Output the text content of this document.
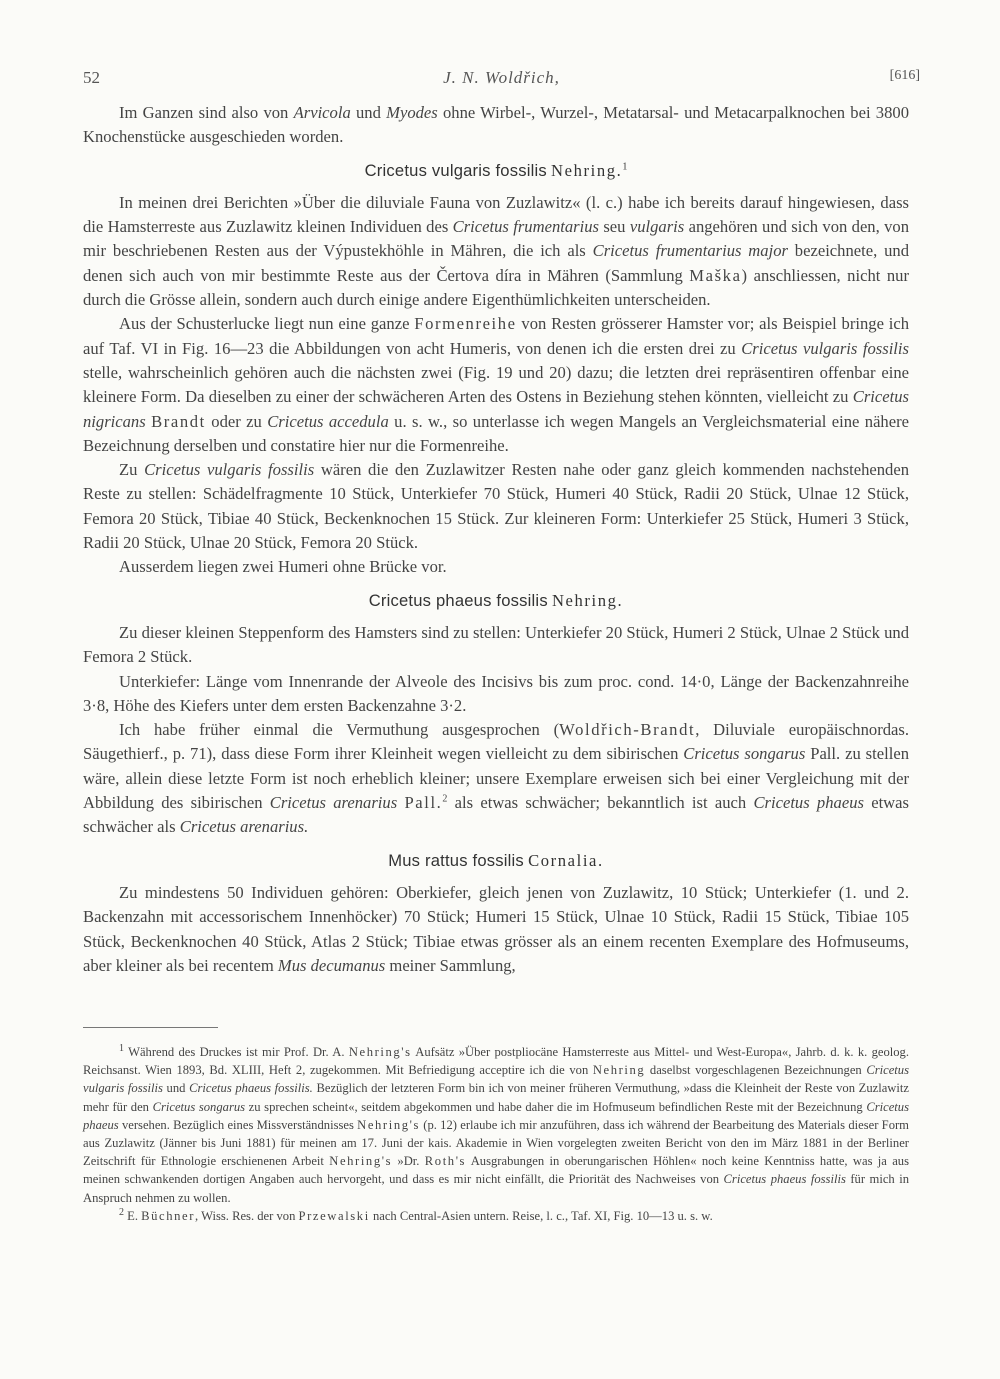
52	J. N. Woldřich,	[616]

Im Ganzen sind also von Arvicola und Myodes ohne Wirbel-, Wurzel-, Metatarsal- und Metacarpalknochen bei 3800 Knochenstücke ausgeschieden worden.

Cricetus vulgaris fossilis Nehring.$^1$

In meinen drei Berichten »Über die diluviale Fauna von Zuzlawitz« (l. c.) habe ich bereits darauf hingewiesen, dass die Hamsterreste aus Zuzlawitz kleinen Individuen des Cricetus frumentarius seu vulgaris angehören und sich von den, von mir beschriebenen Resten aus der Výpustekhöhle in Mähren, die ich als Cricetus frumentarius major bezeichnete, und denen sich auch von mir bestimmte Reste aus der Čertova díra in Mähren (Sammlung Maška) anschliessen, nicht nur durch die Grösse allein, sondern auch durch einige andere Eigenthümlichkeiten unterscheiden.

Aus der Schusterlucke liegt nun eine ganze Formenreihe von Resten grösserer Hamster vor; als Beispiel bringe ich auf Taf. VI in Fig. 16—23 die Abbildungen von acht Humeris, von denen ich die ersten drei zu Cricetus vulgaris fossilis stelle, wahrscheinlich gehören auch die nächsten zwei (Fig. 19 und 20) dazu; die letzten drei repräsentiren offenbar eine kleinere Form. Da dieselben zu einer der schwächeren Arten des Ostens in Beziehung stehen könnten, vielleicht zu Cricetus nigricans Brandt oder zu Cricetus accedula u. s. w., so unterlasse ich wegen Mangels an Vergleichsmaterial eine nähere Bezeichnung derselben und constatire hier nur die Formenreihe.

Zu Cricetus vulgaris fossilis wären die den Zuzlawitzer Resten nahe oder ganz gleich kommenden nachstehenden Reste zu stellen: Schädelfragmente 10 Stück, Unterkiefer 70 Stück, Humeri 40 Stück, Radii 20 Stück, Ulnae 12 Stück, Femora 20 Stück, Tibiae 40 Stück, Beckenknochen 15 Stück. Zur kleineren Form: Unterkiefer 25 Stück, Humeri 3 Stück, Radii 20 Stück, Ulnae 20 Stück, Femora 20 Stück.

Ausserdem liegen zwei Humeri ohne Brücke vor.

Cricetus phaeus fossilis Nehring.

Zu dieser kleinen Steppenform des Hamsters sind zu stellen: Unterkiefer 20 Stück, Humeri 2 Stück, Ulnae 2 Stück und Femora 2 Stück.

Unterkiefer: Länge vom Innenrande der Alveole des Incisivs bis zum proc. cond. 14·0, Länge der Backenzahnreihe 3·8, Höhe des Kiefers unter dem ersten Backenzahne 3·2.

Ich habe früher einmal die Vermuthung ausgesprochen (Woldřich-Brandt, Diluviale europäischnordas. Säugethierf., p. 71), dass diese Form ihrer Kleinheit wegen vielleicht zu dem sibirischen Cricetus songarus Pall. zu stellen wäre, allein diese letzte Form ist noch erheblich kleiner; unsere Exemplare erweisen sich bei einer Vergleichung mit der Abbildung des sibirischen Cricetus arenarius Pall.$^2$ als etwas schwächer; bekanntlich ist auch Cricetus phaeus etwas schwächer als Cricetus arenarius.

Mus rattus fossilis Cornalia.

Zu mindestens 50 Individuen gehören: Oberkiefer, gleich jenen von Zuzlawitz, 10 Stück; Unterkiefer (1. und 2. Backenzahn mit accessorischem Innenhöcker) 70 Stück; Humeri 15 Stück, Ulnae 10 Stück, Radii 15 Stück, Tibiae 105 Stück, Beckenknochen 40 Stück, Atlas 2 Stück; Tibiae etwas grösser als an einem recenten Exemplare des Hofmuseums, aber kleiner als bei recentem Mus decumanus meiner Sammlung,

$^1$ Während des Druckes ist mir Prof. Dr. A. Nehring's Aufsätz »Über postpliocäne Hamsterreste aus Mittel- und West-Europa«, Jahrb. d. k. k. geolog. Reichsanst. Wien 1893, Bd. XLIII, Heft 2, zugekommen. Mit Befriedigung acceptire ich die von Nehring daselbst vorgeschlagenen Bezeichnungen Cricetus vulgaris fossilis und Cricetus phaeus fossilis. Bezüglich der letzteren Form bin ich von meiner früheren Vermuthung, »dass die Kleinheit der Reste von Zuzlawitz mehr für den Cricetus songarus zu sprechen scheint«, seitdem abgekommen und habe daher die im Hofmuseum befindlichen Reste mit der Bezeichnung Cricetus phaeus versehen. Bezüglich eines Missverständnisses Nehring's (p. 12) erlaube ich mir anzuführen, dass ich während der Bearbeitung des Materials dieser Form aus Zuzlawitz (Jänner bis Juni 1881) für meinen am 17. Juni der kais. Akademie in Wien vorgelegten zweiten Bericht von den im März 1881 in der Berliner Zeitschrift für Ethnologie erschienenen Arbeit Nehring's »Dr. Roth's Ausgrabungen in oberungarischen Höhlen« noch keine Kenntniss hatte, was ja aus meinen schwankenden dortigen Angaben auch hervorgeht, und dass es mir nicht einfällt, die Priorität des Nachweises von Cricetus phaeus fossilis für mich in Anspruch nehmen zu wollen.

$^2$ E. Büchner, Wiss. Res. der von Przewalski nach Central-Asien untern. Reise, l. c., Taf. XI, Fig. 10—13 u. s. w.
